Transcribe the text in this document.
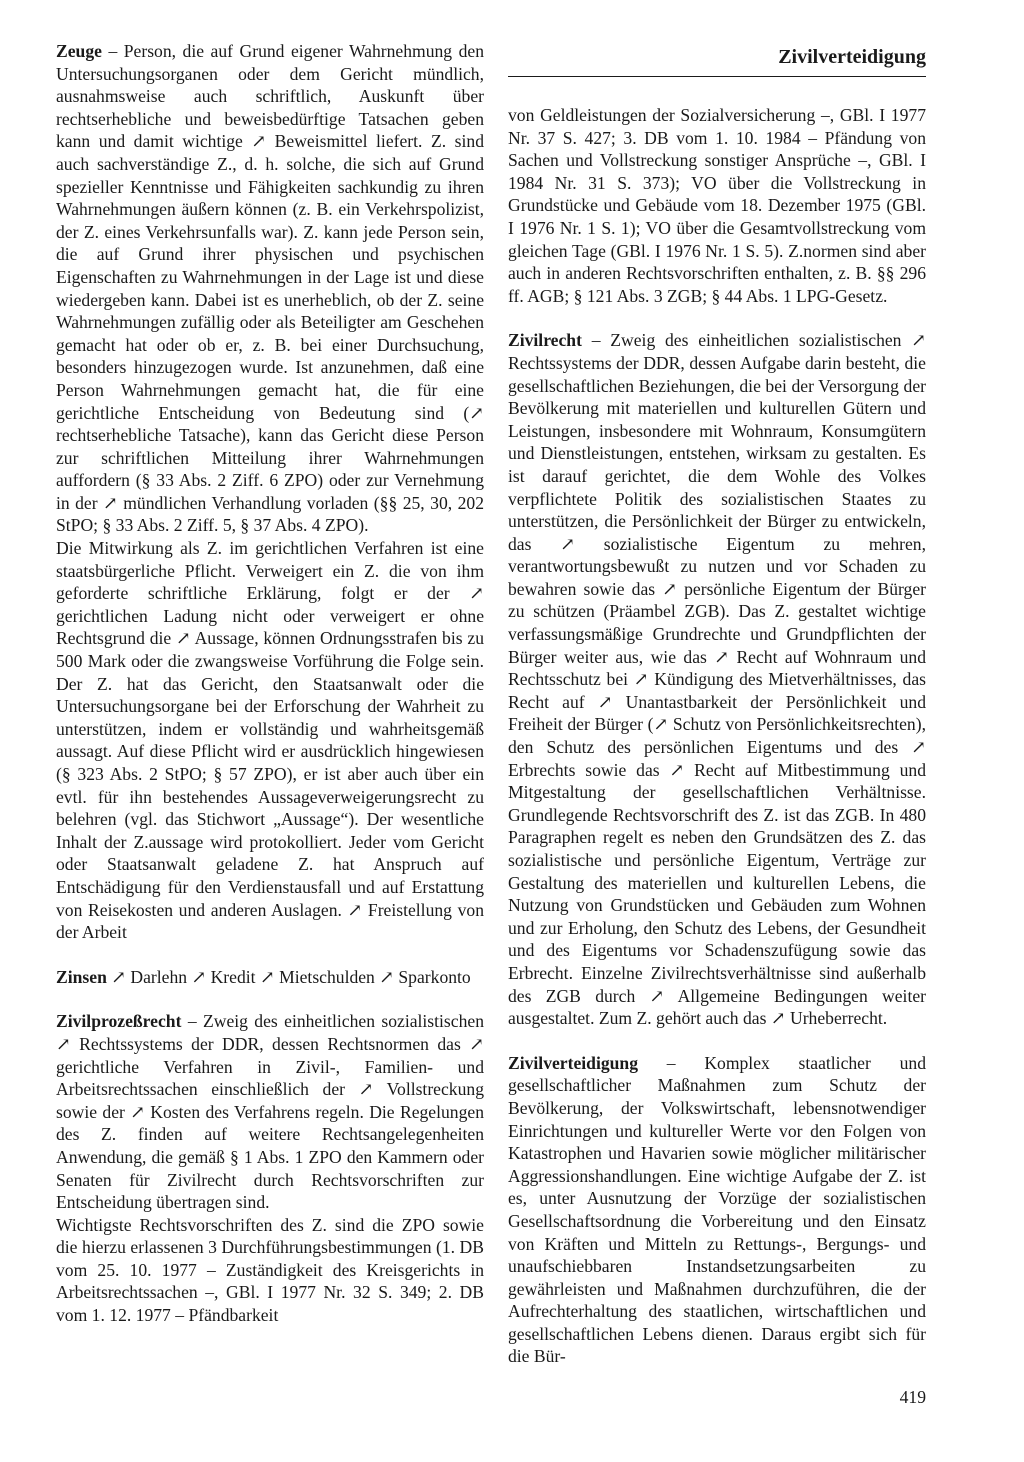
Zivilverteidigung

Zeuge – Person, die auf Grund eigener Wahrnehmung den Untersuchungsorganen oder dem Gericht mündlich, ausnahmsweise auch schriftlich, Auskunft über rechtserhebliche und beweisbedürftige Tatsachen geben kann und damit wichtige ↗ Beweismittel liefert. Z. sind auch sachverständige Z., d. h. solche, die sich auf Grund spezieller Kenntnisse und Fähigkeiten sachkundig zu ihren Wahrnehmungen äußern können (z. B. ein Verkehrspolizist, der Z. eines Verkehrsunfalls war). Z. kann jede Person sein, die auf Grund ihrer physischen und psychischen Eigenschaften zu Wahrnehmungen in der Lage ist und diese wiedergeben kann. Dabei ist es unerheblich, ob der Z. seine Wahrnehmungen zufällig oder als Beteiligter am Geschehen gemacht hat oder ob er, z. B. bei einer Durchsuchung, besonders hinzugezogen wurde. Ist anzunehmen, daß eine Person Wahrnehmungen gemacht hat, die für eine gerichtliche Entscheidung von Bedeutung sind (↗ rechtserhebliche Tatsache), kann das Gericht diese Person zur schriftlichen Mitteilung ihrer Wahrnehmungen auffordern (§ 33 Abs. 2 Ziff. 6 ZPO) oder zur Vernehmung in der ↗ mündlichen Verhandlung vorladen (§§ 25, 30, 202 StPO; § 33 Abs. 2 Ziff. 5, § 37 Abs. 4 ZPO).

Die Mitwirkung als Z. im gerichtlichen Verfahren ist eine staatsbürgerliche Pflicht. Verweigert ein Z. die von ihm geforderte schriftliche Erklärung, folgt er der ↗ gerichtlichen Ladung nicht oder verweigert er ohne Rechtsgrund die ↗ Aussage, können Ordnungsstrafen bis zu 500 Mark oder die zwangsweise Vorführung die Folge sein. Der Z. hat das Gericht, den Staatsanwalt oder die Untersuchungsorgane bei der Erforschung der Wahrheit zu unterstützen, indem er vollständig und wahrheitsgemäß aussagt. Auf diese Pflicht wird er ausdrücklich hingewiesen (§ 323 Abs. 2 StPO; § 57 ZPO), er ist aber auch über ein evtl. für ihn bestehendes Aussageverweigerungsrecht zu belehren (vgl. das Stichwort „Aussage“). Der wesentliche Inhalt der Z.aussage wird protokolliert. Jeder vom Gericht oder Staatsanwalt geladene Z. hat Anspruch auf Entschädigung für den Verdienstausfall und auf Erstattung von Reisekosten und anderen Auslagen. ↗ Freistellung von der Arbeit

Zinsen ↗ Darlehn ↗ Kredit ↗ Mietschulden ↗ Sparkonto

Zivilprozeßrecht – Zweig des einheitlichen sozialistischen ↗ Rechtssystems der DDR, dessen Rechtsnormen das ↗ gerichtliche Verfahren in Zivil-, Familien- und Arbeitsrechtssachen einschließlich der ↗ Vollstreckung sowie der ↗ Kosten des Verfahrens regeln. Die Regelungen des Z. finden auf weitere Rechtsangelegenheiten Anwendung, die gemäß § 1 Abs. 1 ZPO den Kammern oder Senaten für Zivilrecht durch Rechtsvorschriften zur Entscheidung übertragen sind.

Wichtigste Rechtsvorschriften des Z. sind die ZPO sowie die hierzu erlassenen 3 Durchführungsbestimmungen (1. DB vom 25. 10. 1977 – Zuständigkeit des Kreisgerichts in Arbeitsrechtssachen –, GBl. I 1977 Nr. 32 S. 349; 2. DB vom 1. 12. 1977 – Pfändbarkeit

von Geldleistungen der Sozialversicherung –, GBl. I 1977 Nr. 37 S. 427; 3. DB vom 1. 10. 1984 – Pfändung von Sachen und Vollstreckung sonstiger Ansprüche –, GBl. I 1984 Nr. 31 S. 373); VO über die Vollstreckung in Grundstücke und Gebäude vom 18. Dezember 1975 (GBl. I 1976 Nr. 1 S. 1); VO über die Gesamtvollstreckung vom gleichen Tage (GBl. I 1976 Nr. 1 S. 5). Z.normen sind aber auch in anderen Rechtsvorschriften enthalten, z. B. §§ 296 ff. AGB; § 121 Abs. 3 ZGB; § 44 Abs. 1 LPG-Gesetz.

Zivilrecht – Zweig des einheitlichen sozialistischen ↗ Rechtssystems der DDR, dessen Aufgabe darin besteht, die gesellschaftlichen Beziehungen, die bei der Versorgung der Bevölkerung mit materiellen und kulturellen Gütern und Leistungen, insbesondere mit Wohnraum, Konsumgütern und Dienstleistungen, entstehen, wirksam zu gestalten. Es ist darauf gerichtet, die dem Wohle des Volkes verpflichtete Politik des sozialistischen Staates zu unterstützen, die Persönlichkeit der Bürger zu entwickeln, das ↗ sozialistische Eigentum zu mehren, verantwortungsbewußt zu nutzen und vor Schaden zu bewahren sowie das ↗ persönliche Eigentum der Bürger zu schützen (Präambel ZGB). Das Z. gestaltet wichtige verfassungsmäßige Grundrechte und Grundpflichten der Bürger weiter aus, wie das ↗ Recht auf Wohnraum und Rechtsschutz bei ↗ Kündigung des Mietverhältnisses, das Recht auf ↗ Unantastbarkeit der Persönlichkeit und Freiheit der Bürger (↗ Schutz von Persönlichkeitsrechten), den Schutz des persönlichen Eigentums und des ↗ Erbrechts sowie das ↗ Recht auf Mitbestimmung und Mitgestaltung der gesellschaftlichen Verhältnisse. Grundlegende Rechtsvorschrift des Z. ist das ZGB. In 480 Paragraphen regelt es neben den Grundsätzen des Z. das sozialistische und persönliche Eigentum, Verträge zur Gestaltung des materiellen und kulturellen Lebens, die Nutzung von Grundstücken und Gebäuden zum Wohnen und zur Erholung, den Schutz des Lebens, der Gesundheit und des Eigentums vor Schadenszufügung sowie das Erbrecht. Einzelne Zivilrechtsverhältnisse sind außerhalb des ZGB durch ↗ Allgemeine Bedingungen weiter ausgestaltet. Zum Z. gehört auch das ↗ Urheberrecht.

Zivilverteidigung – Komplex staatlicher und gesellschaftlicher Maßnahmen zum Schutz der Bevölkerung, der Volkswirtschaft, lebensnotwendiger Einrichtungen und kultureller Werte vor den Folgen von Katastrophen und Havarien sowie möglicher militärischer Aggressionshandlungen. Eine wichtige Aufgabe der Z. ist es, unter Ausnutzung der Vorzüge der sozialistischen Gesellschaftsordnung die Vorbereitung und den Einsatz von Kräften und Mitteln zu Rettungs-, Bergungs- und unaufschiebbaren Instandsetzungsarbeiten zu gewährleisten und Maßnahmen durchzuführen, die der Aufrechterhaltung des staatlichen, wirtschaftlichen und gesellschaftlichen Lebens dienen. Daraus ergibt sich für die Bür-

419
